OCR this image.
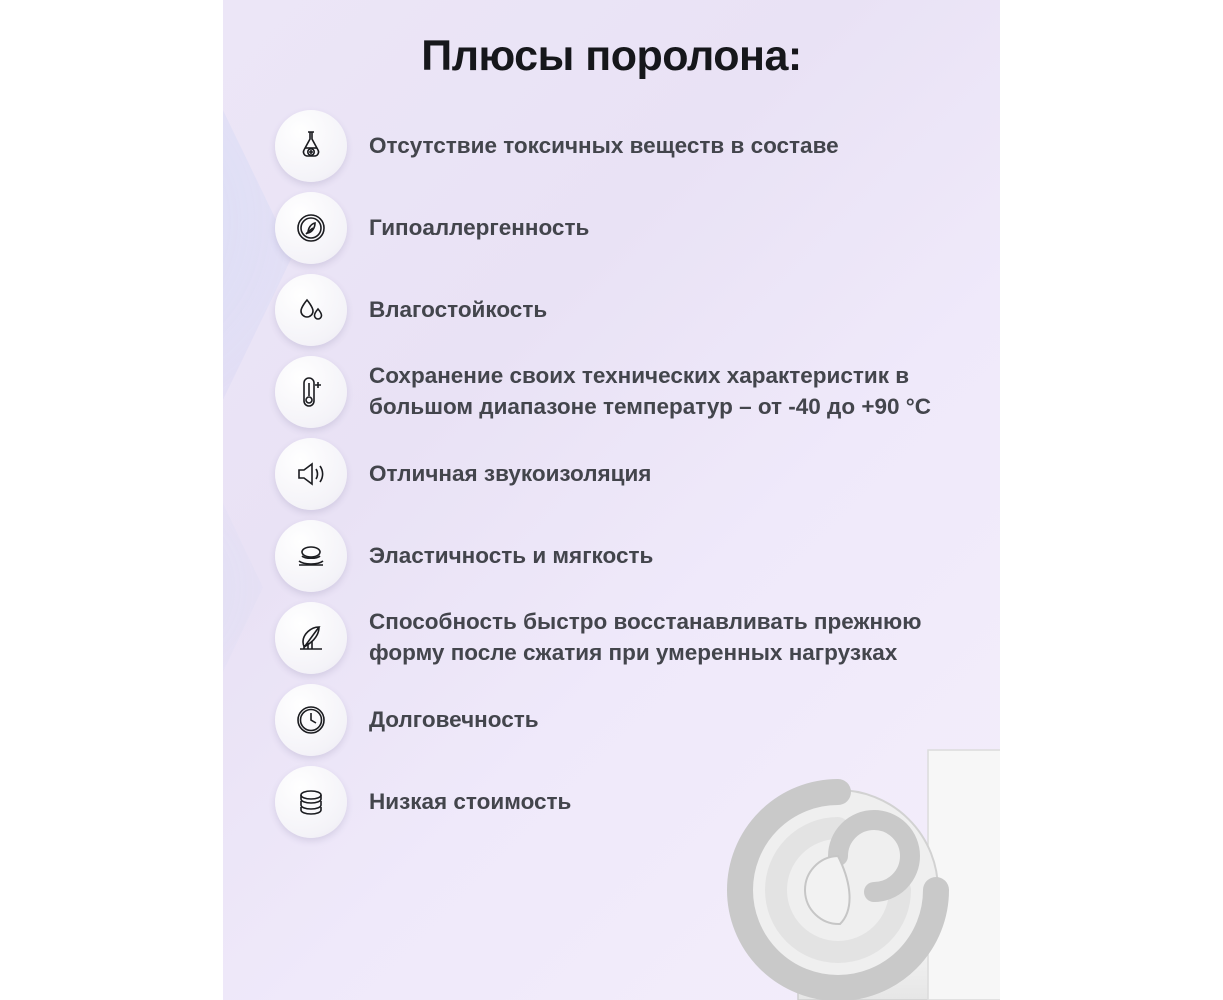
Плюсы поролона:
Отсутствие токсичных веществ в составе
Гипоаллергенность
Влагостойкость
Сохранение своих технических характеристик в большом диапазоне температур – от -40 до +90 °C
Отличная звукоизоляция
Эластичность и мягкость
Способность быстро восстанавливать прежнюю форму после сжатия при умеренных нагрузках
Долговечность
Низкая стоимость
